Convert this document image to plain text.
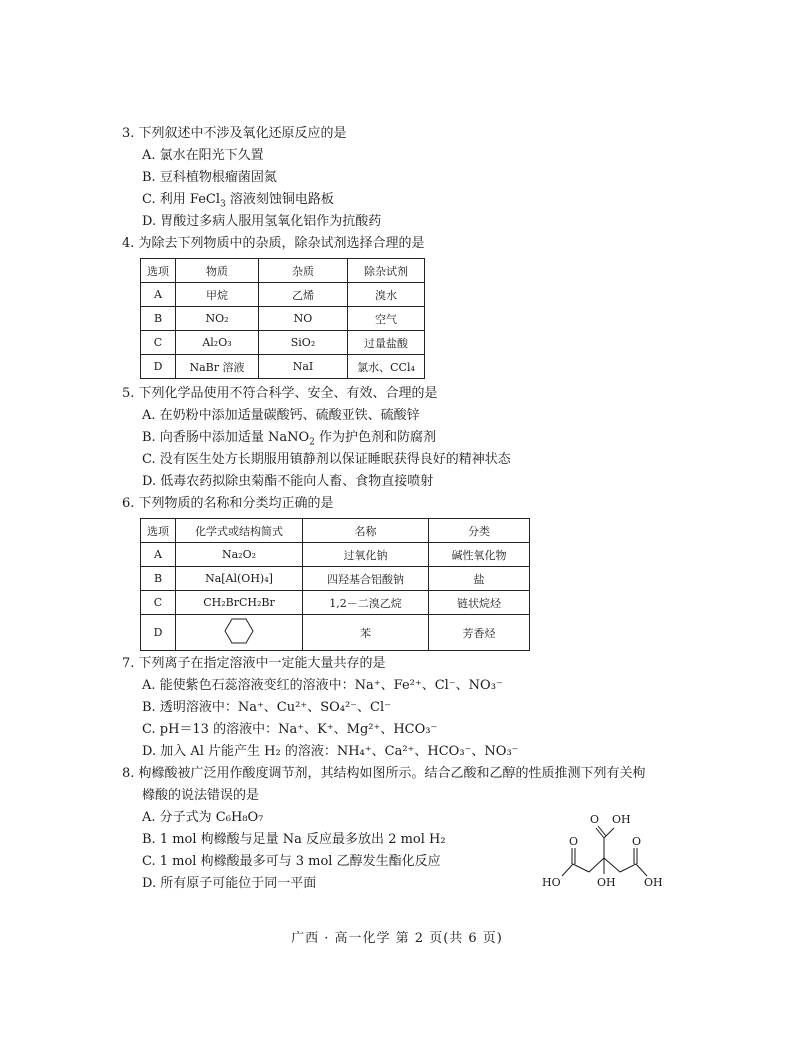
3. 下列叙述中不涉及氧化还原反应的是

A. 氯水在阳光下久置

B. 豆科植物根瘤菌固氮

C. 利用 FeCl$_3$ 溶液刻蚀铜电路板

D. 胃酸过多病人服用氢氧化铝作为抗酸药

4. 为除去下列物质中的杂质，除杂试剂选择合理的是

选项	物质	杂质	除杂试剂
A	甲烷	乙烯	溴水
B	NO₂	NO	空气
C	Al₂O₃	SiO₂	过量盐酸
D	NaBr 溶液	NaI	氯水、CCl₄

5. 下列化学品使用不符合科学、安全、有效、合理的是

A. 在奶粉中添加适量碳酸钙、硫酸亚铁、硫酸锌

B. 向香肠中添加适量 NaNO$_2$ 作为护色剂和防腐剂

C. 没有医生处方长期服用镇静剂以保证睡眠获得良好的精神状态

D. 低毒农药拟除虫菊酯不能向人畜、食物直接喷射

6. 下列物质的名称和分类均正确的是

选项	化学式或结构简式	名称	分类
A	Na₂O₂	过氧化钠	碱性氧化物
B	Na[Al(OH)₄]	四羟基合铝酸钠	盐
C	CH₂BrCH₂Br	1,2－二溴乙烷	链状烷烃
D		苯	芳香烃

7. 下列离子在指定溶液中一定能大量共存的是

A. 能使紫色石蕊溶液变红的溶液中：Na⁺、Fe²⁺、Cl⁻、NO₃⁻

B. 透明溶液中：Na⁺、Cu²⁺、SO₄²⁻、Cl⁻

C. pH＝13 的溶液中：Na⁺、K⁺、Mg²⁺、HCO₃⁻

D. 加入 Al 片能产生 H₂ 的溶液：NH₄⁺、Ca²⁺、HCO₃⁻、NO₃⁻

8. 枸橼酸被广泛用作酸度调节剂，其结构如图所示。结合乙酸和乙醇的性质推测下列有关枸

橼酸的说法错误的是

A. 分子式为 C₆H₈O₇

B. 1 mol 枸橼酸与足量 Na 反应最多放出 2 mol H₂

C. 1 mol 枸橼酸最多可与 3 mol 乙醇发生酯化反应

D. 所有原子可能位于同一平面

O
O OH
O
HO	OH	OH
广西 · 高一化学 第 2 页(共 6 页)
